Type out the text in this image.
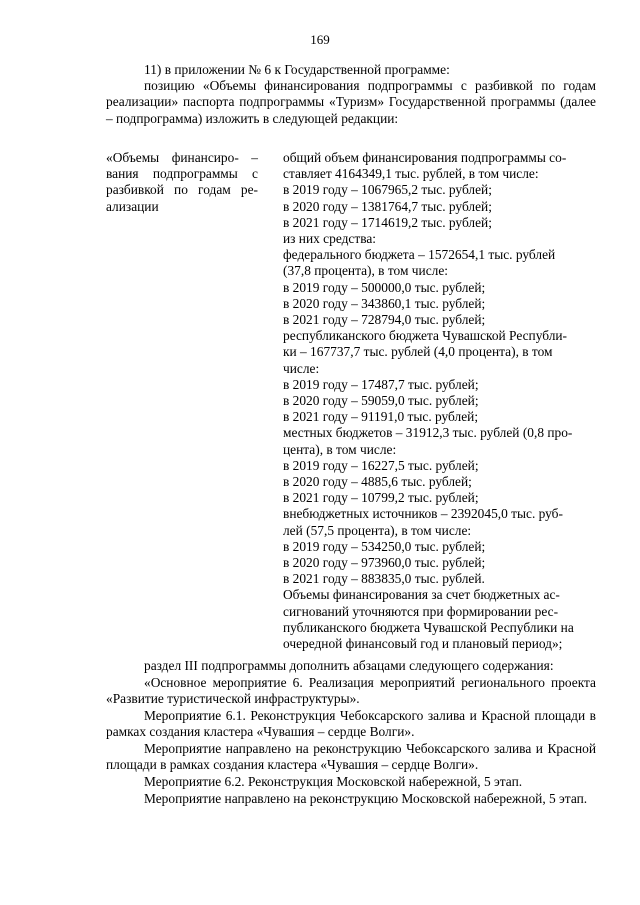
169

11) в приложении № 6 к Государственной программе:

позицию «Объемы финансирования подпрограммы с разбивкой по годам реализации» паспорта подпрограммы «Туризм» Государственной программы (далее – подпрограмма) изложить в следующей редакции:

«Объемы финансиро- – вания подпрограммы с разбивкой по годам ре- ализации

общий объем финансирования подпрограммы со-
ставляет 4164349,1 тыс. рублей, в том числе:
в 2019 году – 1067965,2 тыс. рублей;
в 2020 году – 1381764,7 тыс. рублей;
в 2021 году – 1714619,2 тыс. рублей;
из них средства:
федерального бюджета – 1572654,1 тыс. рублей
(37,8 процента), в том числе:
в 2019 году – 500000,0 тыс. рублей;
в 2020 году – 343860,1 тыс. рублей;
в 2021 году – 728794,0 тыс. рублей;
республиканского бюджета Чувашской Республи-
ки – 167737,7 тыс. рублей (4,0 процента), в том
числе:
в 2019 году – 17487,7 тыс. рублей;
в 2020 году – 59059,0 тыс. рублей;
в 2021 году – 91191,0 тыс. рублей;
местных бюджетов – 31912,3 тыс. рублей (0,8 про-
цента), в том числе:
в 2019 году – 16227,5 тыс. рублей;
в 2020 году – 4885,6 тыс. рублей;
в 2021 году – 10799,2 тыс. рублей;
внебюджетных источников – 2392045,0 тыс. руб-
лей (57,5 процента), в том числе:
в 2019 году – 534250,0 тыс. рублей;
в 2020 году – 973960,0 тыс. рублей;
в 2021 году – 883835,0 тыс. рублей.
Объемы финансирования за счет бюджетных ас-
сигнований уточняются при формировании рес-
публиканского бюджета Чувашской Республики на
очередной финансовый год и плановый период»;

раздел III подпрограммы дополнить абзацами следующего содержания:

«Основное мероприятие 6. Реализация мероприятий регионального проекта «Развитие туристической инфраструктуры».

Мероприятие 6.1. Реконструкция Чебоксарского залива и Красной площади в рамках создания кластера «Чувашия – сердце Волги».

Мероприятие направлено на реконструкцию Чебоксарского залива и Красной площади в рамках создания кластера «Чувашия – сердце Волги».

Мероприятие 6.2. Реконструкция Московской набережной, 5 этап.

Мероприятие направлено на реконструкцию Московской набережной, 5 этап.
